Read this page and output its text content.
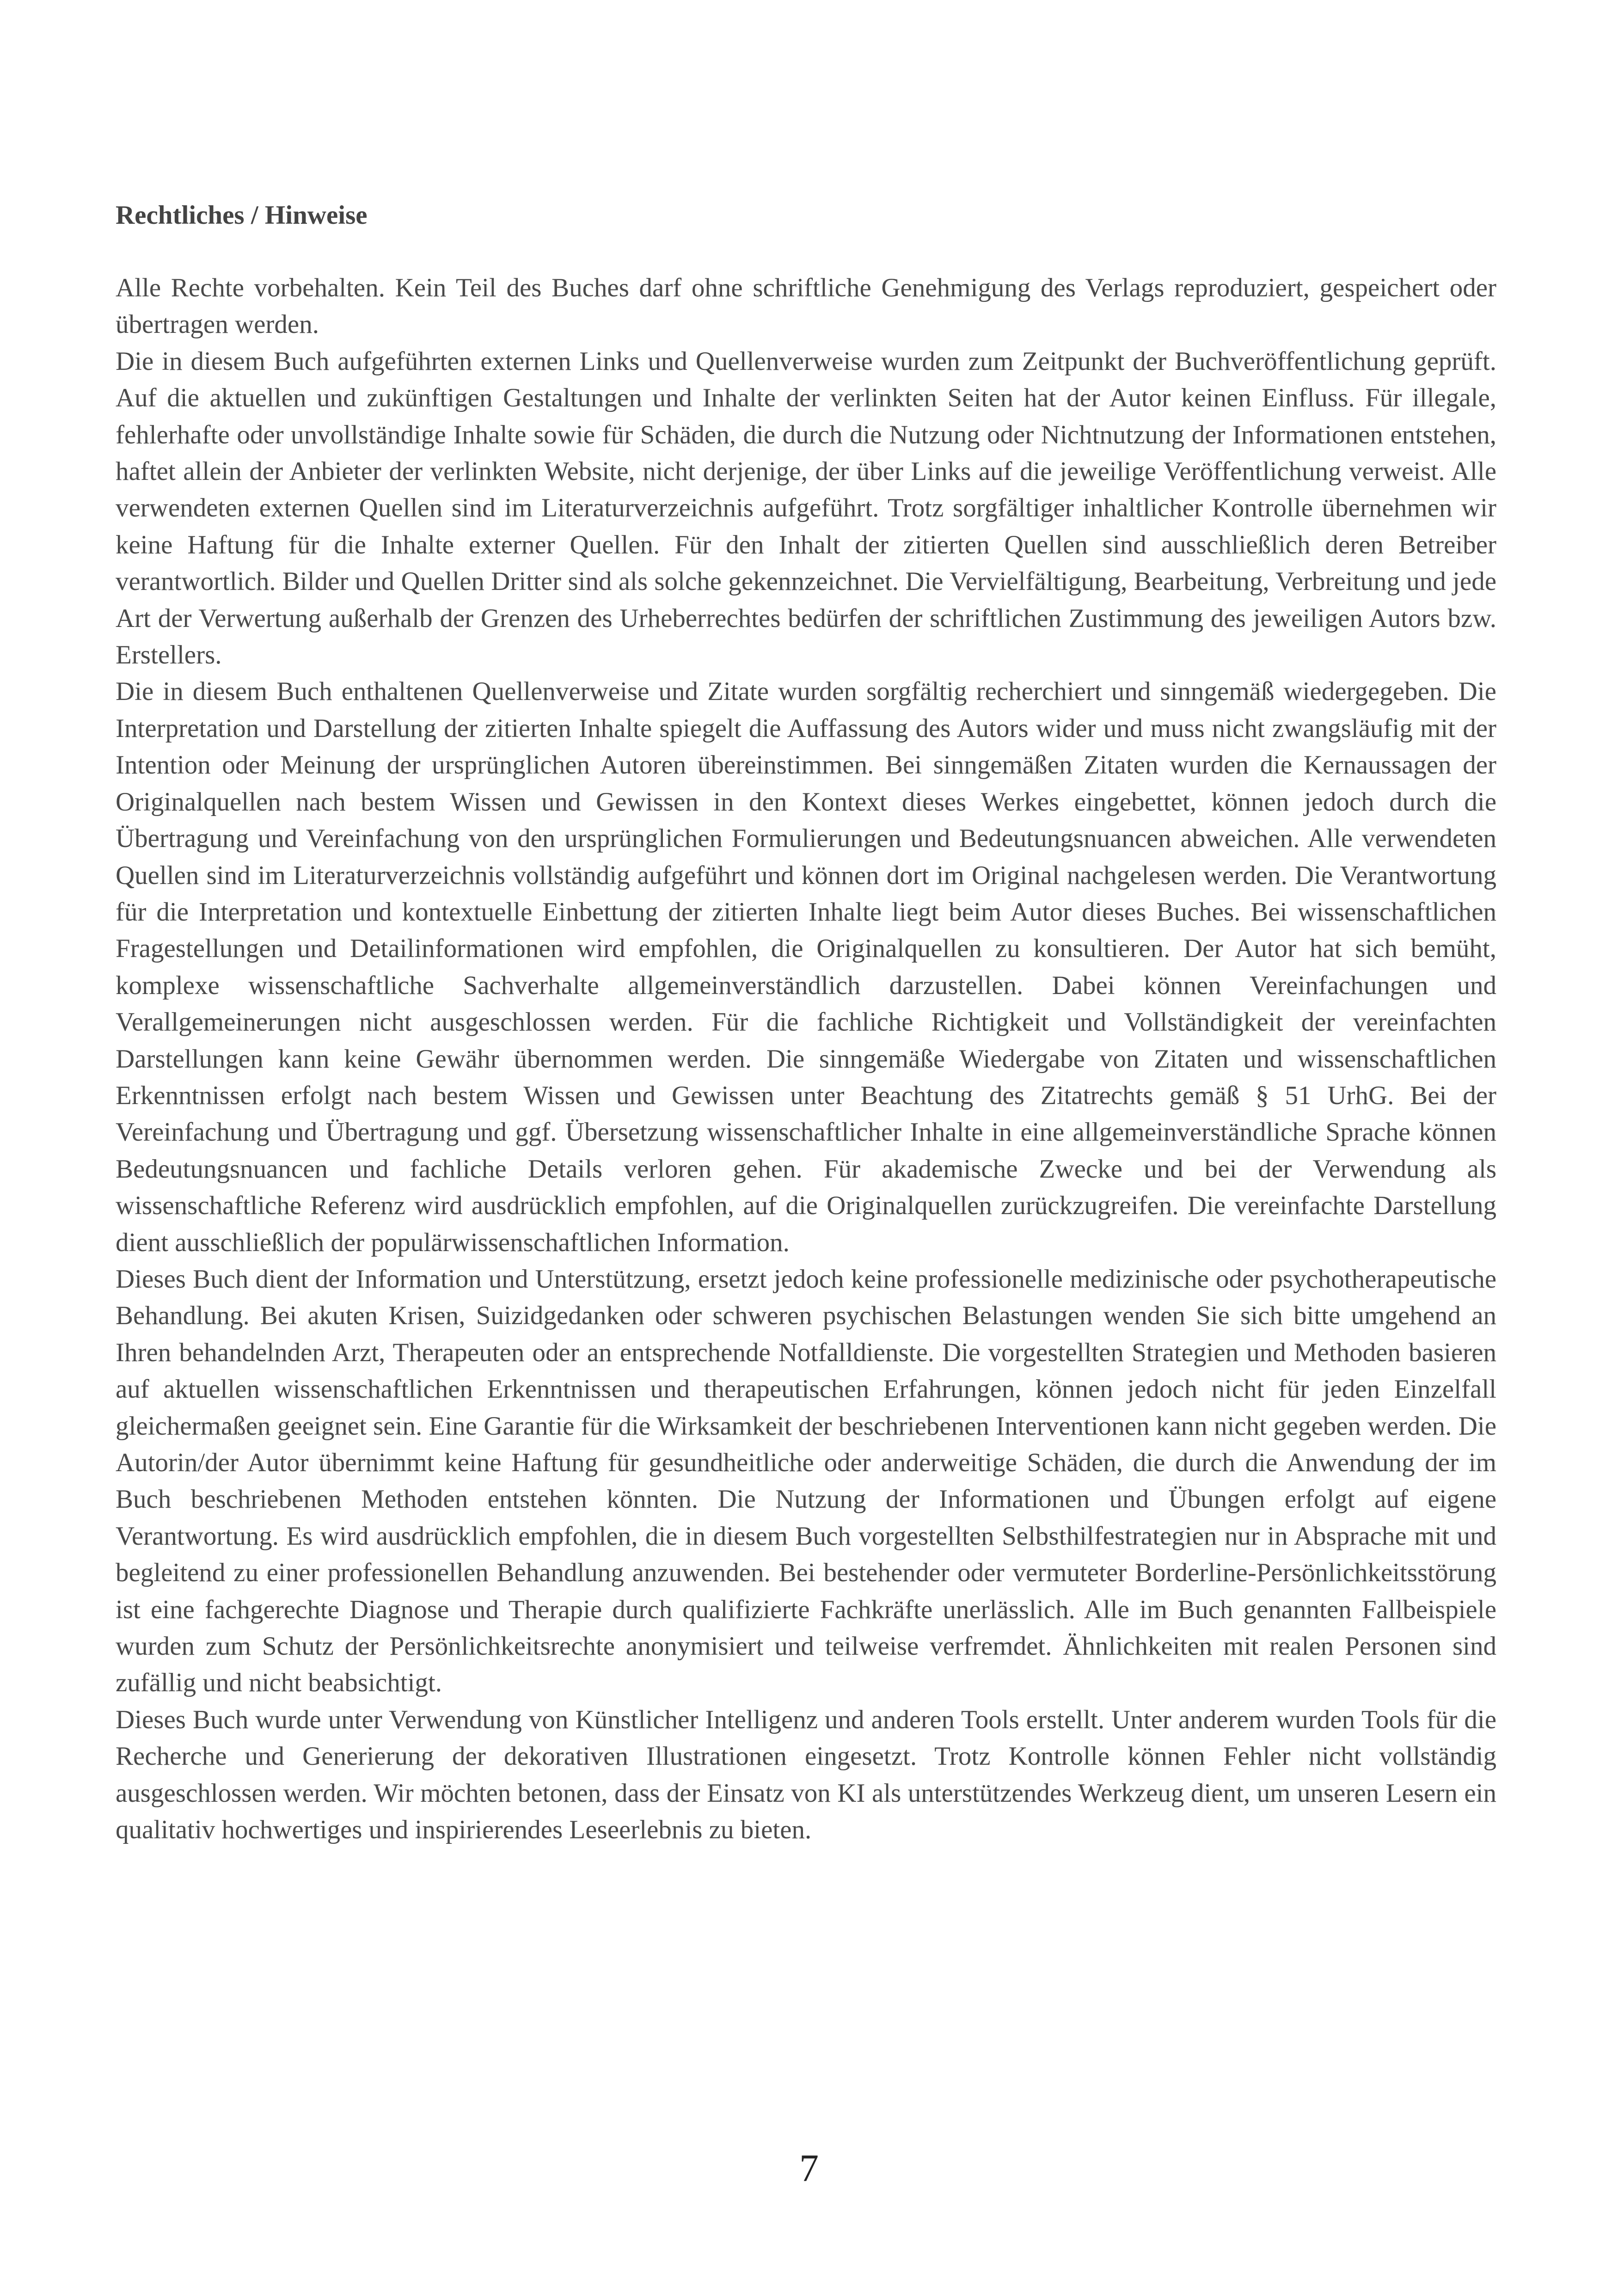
Rechtliches / Hinweise

Alle Rechte vorbehalten. Kein Teil des Buches darf ohne schriftliche Genehmigung des Verlags reproduziert, gespeichert oder übertragen werden.

Die in diesem Buch aufgeführten externen Links und Quellenverweise wurden zum Zeitpunkt der Buchveröffentlichung geprüft. Auf die aktuellen und zukünftigen Gestaltungen und Inhalte der verlinkten Seiten hat der Autor keinen Einfluss. Für illegale, fehlerhafte oder unvollständige Inhalte sowie für Schäden, die durch die Nutzung oder Nichtnutzung der Informationen entstehen, haftet allein der Anbieter der verlinkten Website, nicht derjenige, der über Links auf die jeweilige Veröffentlichung verweist. Alle verwendeten externen Quellen sind im Literaturverzeichnis aufgeführt. Trotz sorgfältiger inhaltlicher Kontrolle übernehmen wir keine Haftung für die Inhalte externer Quellen. Für den Inhalt der zitierten Quellen sind ausschließlich deren Betreiber verantwortlich. Bilder und Quellen Dritter sind als solche gekennzeichnet. Die Vervielfältigung, Bearbeitung, Verbreitung und jede Art der Verwertung außerhalb der Grenzen des Urheberrechtes bedürfen der schriftlichen Zustimmung des jeweiligen Autors bzw. Erstellers.

Die in diesem Buch enthaltenen Quellenverweise und Zitate wurden sorgfältig recherchiert und sinngemäß wiedergegeben. Die Interpretation und Darstellung der zitierten Inhalte spiegelt die Auffassung des Autors wider und muss nicht zwangsläufig mit der Intention oder Meinung der ursprünglichen Autoren übereinstimmen. Bei sinngemäßen Zitaten wurden die Kernaussagen der Originalquellen nach bestem Wissen und Gewissen in den Kontext dieses Werkes eingebettet, können jedoch durch die Übertragung und Vereinfachung von den ursprünglichen Formulierungen und Bedeutungsnuancen abweichen. Alle verwendeten Quellen sind im Literaturverzeichnis vollständig aufgeführt und können dort im Original nachgelesen werden. Die Verantwortung für die Interpretation und kontextuelle Einbettung der zitierten Inhalte liegt beim Autor dieses Buches. Bei wissenschaftlichen Fragestellungen und Detailinformationen wird empfohlen, die Originalquellen zu konsultieren. Der Autor hat sich bemüht, komplexe wissenschaftliche Sachverhalte allgemeinverständlich darzustellen. Dabei können Vereinfachungen und Verallgemeinerungen nicht ausgeschlossen werden. Für die fachliche Richtigkeit und Vollständigkeit der vereinfachten Darstellungen kann keine Gewähr übernommen werden. Die sinngemäße Wiedergabe von Zitaten und wissenschaftlichen Erkenntnissen erfolgt nach bestem Wissen und Gewissen unter Beachtung des Zitatrechts gemäß § 51 UrhG. Bei der Vereinfachung und Übertragung und ggf. Übersetzung wissenschaftlicher Inhalte in eine allgemeinverständliche Sprache können Bedeutungsnuancen und fachliche Details verloren gehen. Für akademische Zwecke und bei der Verwendung als wissenschaftliche Referenz wird ausdrücklich empfohlen, auf die Originalquellen zurückzugreifen. Die vereinfachte Darstellung dient ausschließlich der populärwissenschaftlichen Information.

Dieses Buch dient der Information und Unterstützung, ersetzt jedoch keine professionelle medizinische oder psychotherapeutische Behandlung. Bei akuten Krisen, Suizidgedanken oder schweren psychischen Belastungen wenden Sie sich bitte umgehend an Ihren behandelnden Arzt, Therapeuten oder an entsprechende Notfalldienste. Die vorgestellten Strategien und Methoden basieren auf aktuellen wissenschaftlichen Erkenntnissen und therapeutischen Erfahrungen, können jedoch nicht für jeden Einzelfall gleichermaßen geeignet sein. Eine Garantie für die Wirksamkeit der beschriebenen Interventionen kann nicht gegeben werden. Die Autorin/der Autor übernimmt keine Haftung für gesundheitliche oder anderweitige Schäden, die durch die Anwendung der im Buch beschriebenen Methoden entstehen könnten. Die Nutzung der Informationen und Übungen erfolgt auf eigene Verantwortung. Es wird ausdrücklich empfohlen, die in diesem Buch vorgestellten Selbsthilfestrategien nur in Absprache mit und begleitend zu einer professionellen Behandlung anzuwenden. Bei bestehender oder vermuteter Borderline-Persönlichkeitsstörung ist eine fachgerechte Diagnose und Therapie durch qualifizierte Fachkräfte unerlässlich. Alle im Buch genannten Fallbeispiele wurden zum Schutz der Persönlichkeitsrechte anonymisiert und teilweise verfremdet. Ähnlichkeiten mit realen Personen sind zufällig und nicht beabsichtigt.

Dieses Buch wurde unter Verwendung von Künstlicher Intelligenz und anderen Tools erstellt. Unter anderem wurden Tools für die Recherche und Generierung der dekorativen Illustrationen eingesetzt. Trotz Kontrolle können Fehler nicht vollständig ausgeschlossen werden. Wir möchten betonen, dass der Einsatz von KI als unterstützendes Werkzeug dient, um unseren Lesern ein qualitativ hochwertiges und inspirierendes Leseerlebnis zu bieten.

7
